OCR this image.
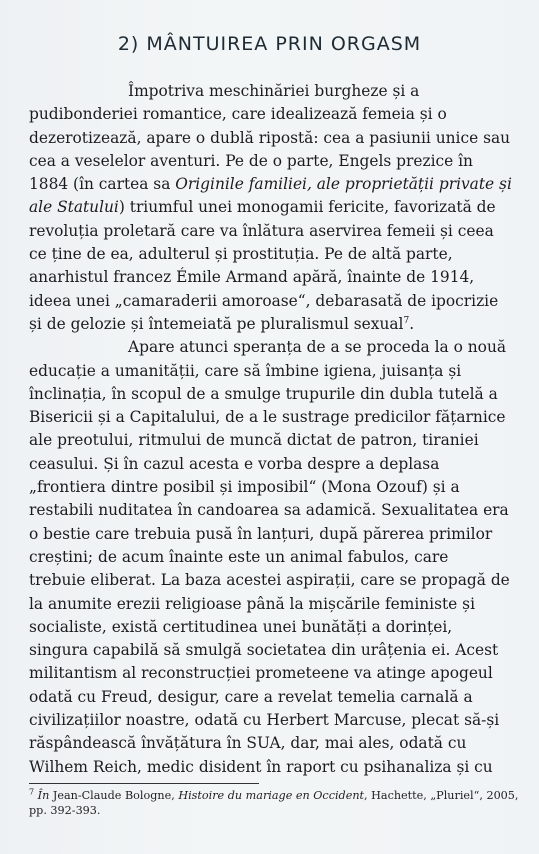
2) MÂNTUIREA PRIN ORGASM
Împotriva meschinăriei burgheze și a
pudibonderiei romantice, care idealizează femeia și o
dezerotizează, apare o dublă ripostă: cea a pasiunii unice sau
cea a veselelor aventuri. Pe de o parte, Engels prezice în
1884 (în cartea sa Originile familiei, ale proprietății private și
ale Statului) triumful unei monogamii fericite, favorizată de
revoluția proletară care va înlătura aservirea femeii și ceea
ce ține de ea, adulterul și prostituția. Pe de altă parte,
anarhistul francez Émile Armand apără, înainte de 1914,
ideea unei „camaraderii amoroase“, debarasată de ipocrizie
și de gelozie și întemeiată pe pluralismul sexual$^7$.
Apare atunci speranța de a se proceda la o nouă
educație a umanității, care să îmbine igiena, juisanța și
înclinația, în scopul de a smulge trupurile din dubla tutelă a
Bisericii și a Capitalului, de a le sustrage predicilor fățarnice
ale preotului, ritmului de muncă dictat de patron, tiraniei
ceasului. Și în cazul acesta e vorba despre a deplasa
„frontiera dintre posibil și imposibil“ (Mona Ozouf) și a
restabili nuditatea în candoarea sa adamică. Sexualitatea era
o bestie care trebuia pusă în lanțuri, după părerea primilor
creștini; de acum înainte este un animal fabulos, care
trebuie eliberat. La baza acestei aspirații, care se propagă de
la anumite erezii religioase până la mișcările feministe și
socialiste, există certitudinea unei bunătăți a dorinței,
singura capabilă să smulgă societatea din urâțenia ei. Acest
militantism al reconstrucției prometeene va atinge apogeul
odată cu Freud, desigur, care a revelat temelia carnală a
civilizațiilor noastre, odată cu Herbert Marcuse, plecat să-și
răspândească învățătura în SUA, dar, mai ales, odată cu
Wilhem Reich, medic disident în raport cu psihanaliza și cu
$^7$ În Jean-Claude Bologne, Histoire du mariage en Occident, Hachette, „Pluriel“, 2005,
pp. 392-393.
